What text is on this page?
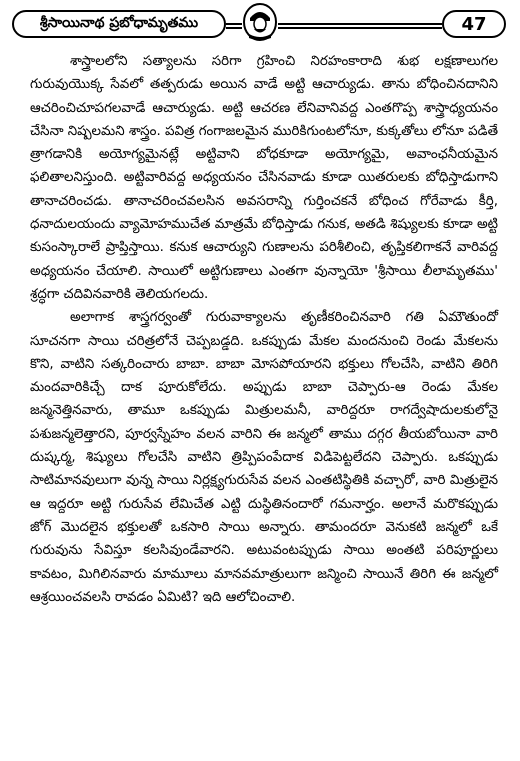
శ్రీసాయినాథ ప్రబోధామృతము	47

శాస్త్రాలలోని సత్యాలను సరిగా గ్రహించి నిరహంకారాది శుభ లక్షణాలుగల గురువుయొక్క సేవలో తత్పరుడు అయిన వాడే అట్టి ఆచార్యుడు. తాను బోధించినదానిని ఆచరించిచూపగలవాడే ఆచార్యుడు. అట్టి ఆచరణ లేనివానివద్ద ఎంతగొప్ప శాస్త్రాధ్యయనం చేసినా నిష్పలమని శాస్త్రం. పవిత్ర గంగాజలమైన మురికిగుంటలోనూ, కుక్కతోలు లోనూ పడితే త్రాగడానికి అయోగ్యమైనట్లే అట్టివాని బోధకూడా అయోగ్యమై, అవాంఛనీయమైన ఫలితాలనిస్తుంది. అట్టివారివద్ద అధ్యయనం చేసినవాడు కూడా యితరులకు బోధిస్తాడుగాని తానాచరించడు. తానాచరించవలసిన అవసరాన్ని గుర్తించకనే బోధించ గోరేవాడు కీర్తి, ధనాదులయందు వ్యామోహముచేత మాత్రమే బోధిస్తాడు గనుక, అతడి శిష్యులకు కూడా అట్టి కుసంస్కారాలే ప్రాప్తిస్తాయి. కనుక ఆచార్యుని గుణాలను పరిశీలించి, తృప్తికలిగాకనే వారివద్ద అధ్యయనం చేయాలి. సాయిలో అట్టిగుణాలు ఎంతగా వున్నాయో 'శ్రీసాయి లీలామృతము' శ్రద్ధగా చదివినవారికి తెలియగలదు.

అలాగాక శాస్త్రగర్వంతో గురువాక్యాలను తృణీకరించినవారి గతి ఏమౌతుందో సూచనగా సాయి చరిత్రలోనే చెప్పబడ్డది. ఒకప్పుడు మేకల మందనుంచి రెండు మేకలను కొని, వాటిని సత్కరించారు బాబా. బాబా మోసపోయారని భక్తులు గోలచేసి, వాటిని తిరిగి మందవారికిచ్చే దాక పూరుకోలేదు. అప్పుడు బాబా చెప్పారు-ఆ రెండు మేకల జన్మనెత్తినవారు, తామూ ఒకప్పుడు మిత్రులమనీ, వారిద్దరూ రాగద్వేషాదులకులోనై పశుజన్మలెత్తారని, పూర్వస్నేహం వలన వారిని ఈ జన్మలో తాము దగ్గర తీయబోయినా వారి దుష్కర్మ, శిష్యులు గోలచేసి వాటిని త్రిప్పిపంపేదాక విడిపెట్టలేదని చెప్పారు. ఒకప్పుడు సాటిమానవులుగా వున్న సాయి నిర్లక్ష్యగురుసేవ వలన ఎంతటిస్థితికి వచ్చారో, వారి మిత్రులైన ఆ ఇద్దరూ అట్టి గురుసేవ లేమిచేత ఎట్టి దుస్థితినందారో గమనార్హం. అలానే మరొకప్పుడు జోగ్ మొదలైన భక్తులతో ఒకసారి సాయి అన్నారు. తామందరూ వెనుకటి జన్మలో ఒకే గురువును సేవిస్తూ కలసివుండేవారని. అటువంటప్పుడు సాయి అంతటి పరిపూర్ణులు కావటం, మిగిలినవారు మామూలు మానవమాత్రులుగా జన్మించి సాయినే తిరిగి ఈ జన్మలో ఆశ్రయించవలసి రావడం ఏమిటి? ఇది ఆలోచించాలి.
